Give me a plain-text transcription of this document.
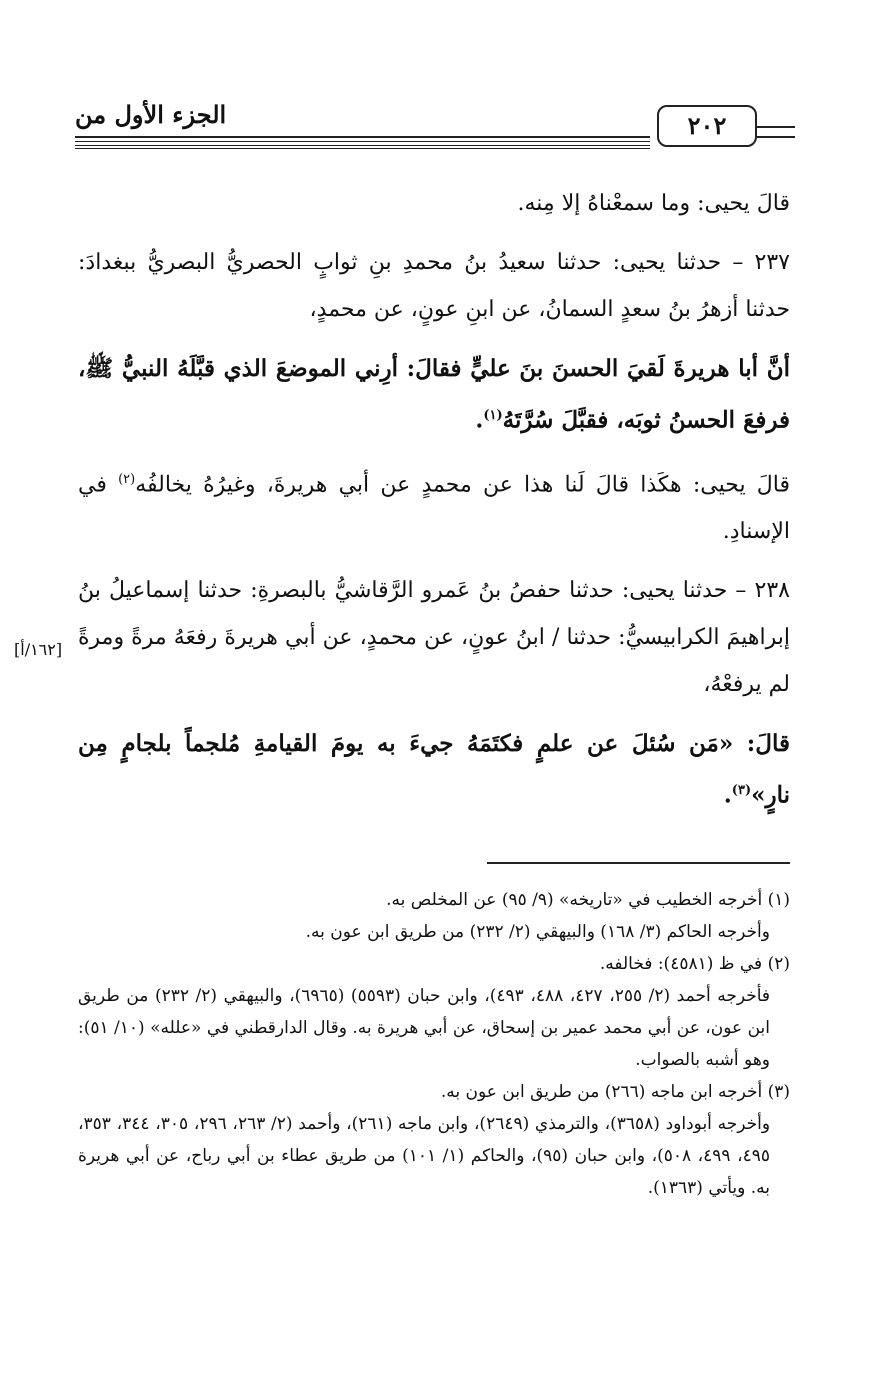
الجزء الأول من	٢٠٢
[١٦٢/أ]

قالَ يحيى: وما سمعْناهُ إلا مِنه.

٢٣٧ – حدثنا يحيى: حدثنا سعيدُ بنُ محمدِ بنِ ثوابٍ الحصريُّ البصريُّ ببغدادَ: حدثنا أزهرُ بنُ سعدٍ السمانُ، عن ابنِ عونٍ، عن محمدٍ،

أنَّ أبا هريرةَ لَقيَ الحسنَ بنَ عليٍّ فقالَ: أرِني الموضعَ الذي قبَّلَهُ النبيُّ ﷺ، فرفعَ الحسنُ ثوبَه، فقبَّلَ سُرَّتَهُ$^{(١)}$.

قالَ يحيى: هكَذا قالَ لَنا هذا عن محمدٍ عن أبي هريرةَ، وغيرُهُ يخالفُه$^{(٢)}$ في الإسنادِ.

٢٣٨ – حدثنا يحيى: حدثنا حفصُ بنُ عَمرو الرَّقاشيُّ بالبصرةِ: حدثنا إسماعيلُ بنُ إبراهيمَ الكرابيسيُّ: حدثنا / ابنُ عونٍ، عن محمدٍ، عن أبي هريرةَ رفعَهُ مرةً ومرةً لم يرفعْهُ،

قالَ: «مَن سُئلَ عن علمٍ فكتَمَهُ جيءَ به يومَ القيامةِ مُلجماً بلجامٍ مِن نارٍ»$^{(٣)}$.

(١) أخرجه الخطيب في «تاريخه» (٩/ ٩٥) عن المخلص به.

وأخرجه الحاكم (٣/ ١٦٨) والبيهقي (٢/ ٢٣٢) من طريق ابن عون به.

(٢) في ظ (٤٥٨١): فخالفه.

فأخرجه أحمد (٢/ ٢٥٥، ٤٢٧، ٤٨٨، ٤٩٣)، وابن حبان (٥٥٩٣) (٦٩٦٥)، والبيهقي (٢/ ٢٣٢) من طريق ابن عون، عن أبي محمد عمير بن إسحاق، عن أبي هريرة به. وقال الدارقطني في «علله» (١٠/ ٥١): وهو أشبه بالصواب.

(٣) أخرجه ابن ماجه (٢٦٦) من طريق ابن عون به.

وأخرجه أبوداود (٣٦٥٨)، والترمذي (٢٦٤٩)، وابن ماجه (٢٦١)، وأحمد (٢/ ٢٦٣، ٢٩٦، ٣٠٥، ٣٤٤، ٣٥٣، ٤٩٥، ٤٩٩، ٥٠٨)، وابن حبان (٩٥)، والحاكم (١/ ١٠١) من طريق عطاء بن أبي رباح، عن أبي هريرة به. ويأتي (١٣٦٣).
